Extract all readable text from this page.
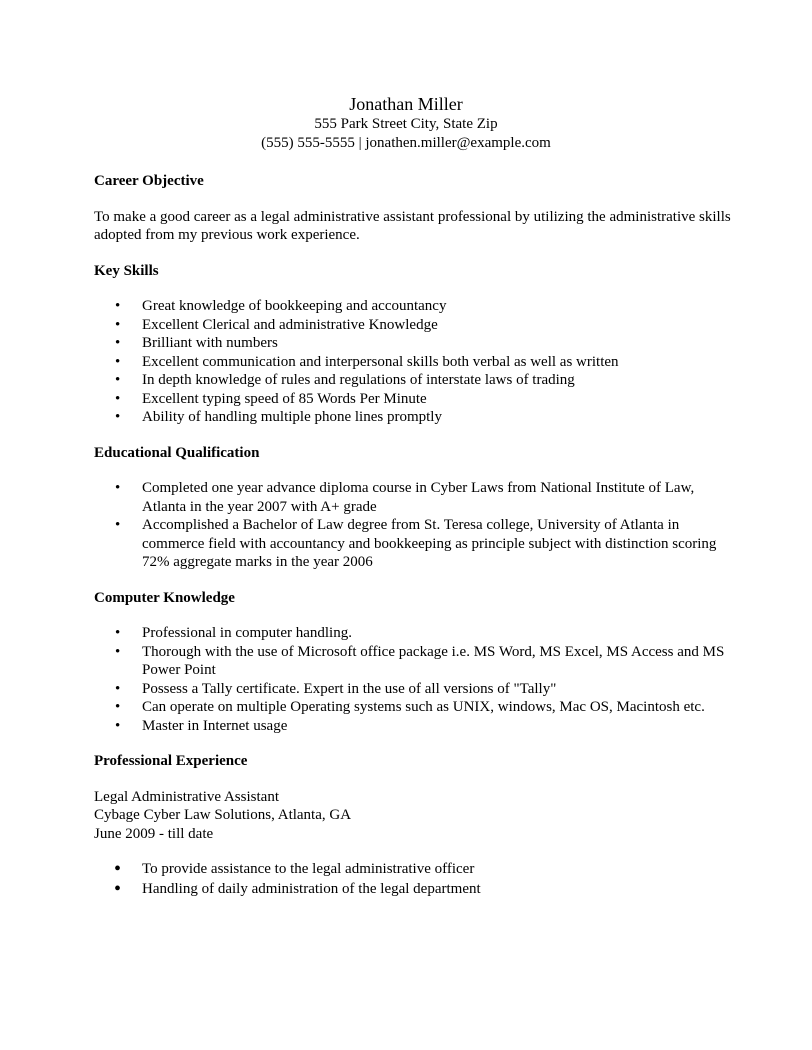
Jonathan Miller
555 Park Street City, State Zip
(555) 555-5555 | jonathen.miller@example.com
Career Objective
To make a good career as a legal administrative assistant professional by utilizing the administrative skills adopted from my previous work experience.
Key Skills
• Great knowledge of bookkeeping and accountancy
• Excellent Clerical and administrative Knowledge
• Brilliant with numbers
• Excellent communication and interpersonal skills both verbal as well as written
• In depth knowledge of rules and regulations of interstate laws of trading
• Excellent typing speed of 85 Words Per Minute
• Ability of handling multiple phone lines promptly
Educational Qualification
• Completed one year advance diploma course in Cyber Laws from National Institute of Law, Atlanta in the year 2007 with A+ grade
• Accomplished a Bachelor of Law degree from St. Teresa college, University of Atlanta in commerce field with accountancy and bookkeeping as principle subject with distinction scoring 72% aggregate marks in the year 2006
Computer Knowledge
• Professional in computer handling.
• Thorough with the use of Microsoft office package i.e. MS Word, MS Excel, MS Access and MS Power Point
• Possess a Tally certificate. Expert in the use of all versions of "Tally"
• Can operate on multiple Operating systems such as UNIX, windows, Mac OS, Macintosh etc.
• Master in Internet usage
Professional Experience
Legal Administrative Assistant
Cybage Cyber Law Solutions, Atlanta, GA
June 2009 - till date
• To provide assistance to the legal administrative officer
• Handling of daily administration of the legal department
